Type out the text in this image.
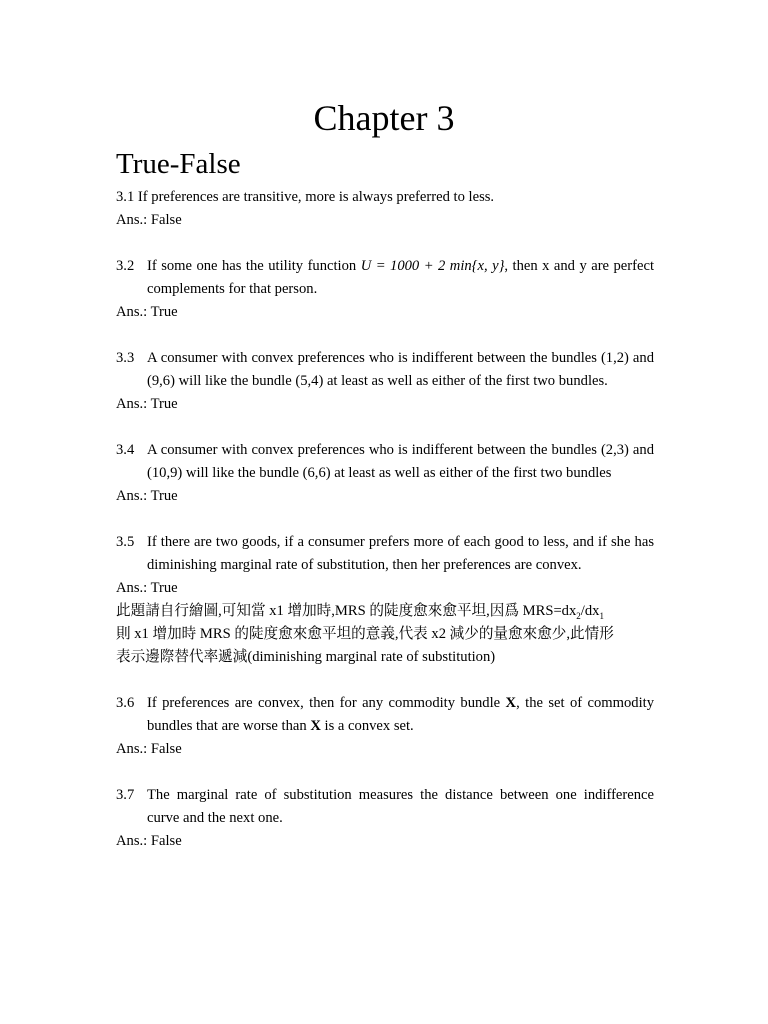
Chapter 3
True-False
3.1 If preferences are transitive, more is always preferred to less.
Ans.: False
3.2 If some one has the utility function U = 1000 + 2 min{x, y}, then x and y are perfect complements for that person.
Ans.: True
3.3 A consumer with convex preferences who is indifferent between the bundles (1,2) and (9,6) will like the bundle (5,4) at least as well as either of the first two bundles.
Ans.: True
3.4 A consumer with convex preferences who is indifferent between the bundles (2,3) and (10,9) will like the bundle (6,6) at least as well as either of the first two bundles
Ans.: True
3.5 If there are two goods, if a consumer prefers more of each good to less, and if she has diminishing marginal rate of substitution, then her preferences are convex.
Ans.: True
此題請自行繪圖,可知當 x1 增加時,MRS 的陡度愈來愈平坦,因爲 $MRS=dx_2/dx_1$
則 x1 增加時 MRS 的陡度愈來愈平坦的意義,代表 x2 減少的量愈來愈少,此情形
表示邊際替代率遞減(diminishing marginal rate of substitution)
3.6 If preferences are convex, then for any commodity bundle X, the set of commodity bundles that are worse than X is a convex set.
Ans.: False
3.7 The marginal rate of substitution measures the distance between one indifference curve and the next one.
Ans.: False
